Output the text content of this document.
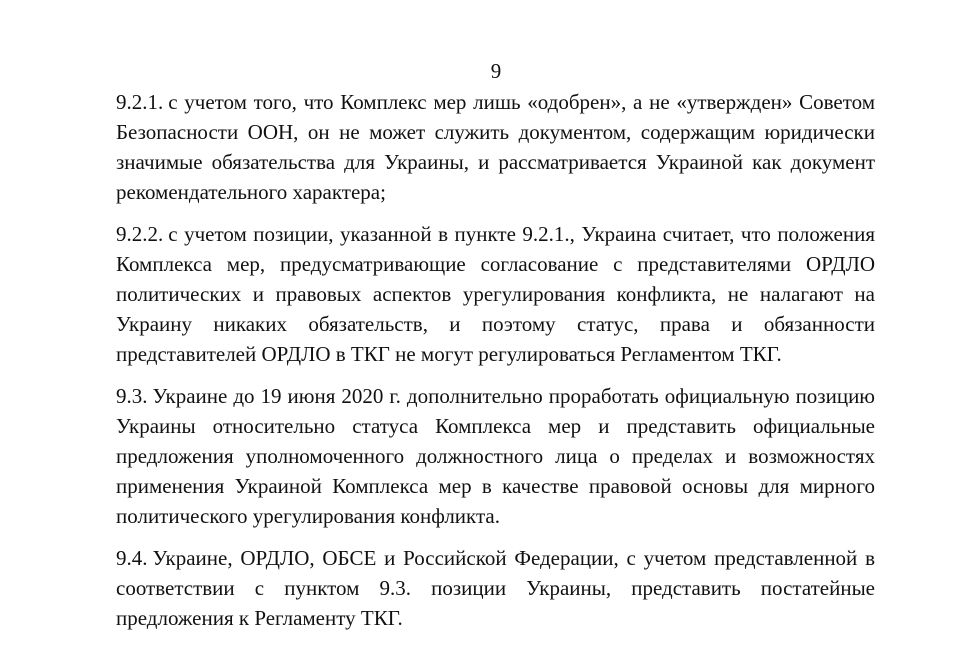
9

9.2.1. с учетом того, что Комплекс мер лишь «одобрен», а не «утвержден» Советом Безопасности ООН, он не может служить документом, содержащим юридически значимые обязательства для Украины, и рассматривается Украиной как документ рекомендательного характера;

9.2.2. с учетом позиции, указанной в пункте 9.2.1., Украина считает, что положения Комплекса мер, предусматривающие согласование с представителями ОРДЛО политических и правовых аспектов урегулирования конфликта, не налагают на Украину никаких обязательств, и поэтому статус, права и обязанности представителей ОРДЛО в ТКГ не могут регулироваться Регламентом ТКГ.

9.3. Украине до 19 июня 2020 г. дополнительно проработать официальную позицию Украины относительно статуса Комплекса мер и представить официальные предложения уполномоченного должностного лица о пределах и возможностях применения Украиной Комплекса мер в качестве правовой основы для мирного политического урегулирования конфликта.

9.4. Украине, ОРДЛО, ОБСЕ и Российской Федерации, с учетом представленной в соответствии с пунктом 9.3. позиции Украины, представить постатейные предложения к Регламенту ТКГ.
